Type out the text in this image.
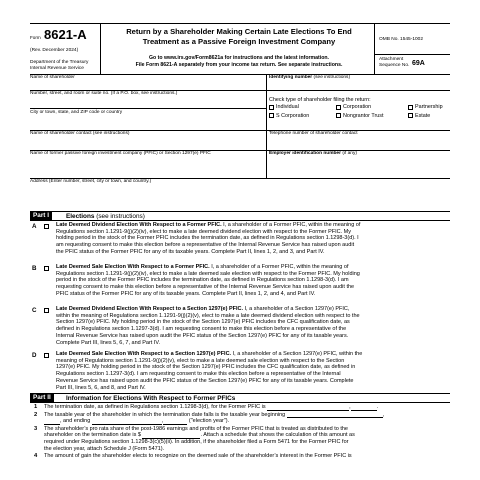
Form 8621-A
(Rev. December 2024)
Department of the Treasury
Internal Revenue Service
Return by a Shareholder Making Certain Late Elections To End
Treatment as a Passive Foreign Investment Company
Go to www.irs.gov/Form8621a for instructions and the latest information.
File Form 8621-A separately from your income tax return. See separate instructions.
OMB No. 1545-1002
Attachment
Sequence No. 69A
Name of shareholder	Identifying number (see instructions)
Number, street, and room or suite no. (If a P.O. box, see instructions.)
City or town, state, and ZIP code or country
Check type of shareholder filing the return:
Individual	Corporation	Partnership
S Corporation	Nongrantor Trust	Estate
Name of shareholder contact (see instructions)	Telephone number of shareholder contact
Name of former passive foreign investment company (PFIC) or Section 1297(e) PFIC	Employer identification number (if any)
Address (Enter number, street, city or town, and country.)
Part I	Elections (see instructions)
A	Late Deemed Dividend Election With Respect to a Former PFIC. I, a shareholder of a Former PFIC, within the meaning of
Regulations section 1.1291-9(j)(2)(iv), elect to make a late deemed dividend election with respect to the Former PFIC. My
holding period in the stock of the Former PFIC includes the termination date, as defined in Regulations section 1.1298-3(d). I
am requesting consent to make this election before a representative of the Internal Revenue Service has raised upon audit
the PFIC status of the Former PFIC for any of its taxable years. Complete Part II, lines 1, 2, and 3, and Part IV.
B	Late Deemed Sale Election With Respect to a Former PFIC. I, a shareholder of a Former PFIC, within the meaning of
Regulations section 1.1291-9(j)(2)(iv), elect to make a late deemed sale election with respect to the Former PFIC. My holding
period in the stock of the Former PFIC includes the termination date, as defined in Regulations section 1.1298-3(d). I am
requesting consent to make this election before a representative of the Internal Revenue Service has raised upon audit the
PFIC status of the Former PFIC for any of its taxable years. Complete Part II, lines 1, 2, and 4, and Part IV.
C	Late Deemed Dividend Election With Respect to a Section 1297(e) PFIC. I, a shareholder of a Section 1297(e) PFIC,
within the meaning of Regulations section 1.1291-9(j)(2)(v), elect to make a late deemed dividend election with respect to the
Section 1297(e) PFIC. My holding period in the stock of the Section 1297(e) PFIC includes the CFC qualification date, as
defined in Regulations section 1.1297-3(d). I am requesting consent to make this election before a representative of the
Internal Revenue Service has raised upon audit the PFIC status of the Section 1297(e) PFIC for any of its taxable years.
Complete Part III, lines 5, 6, 7, and Part IV.
D	Late Deemed Sale Election With Respect to a Section 1297(e) PFIC. I, a shareholder of a Section 1297(e) PFIC, within the
meaning of Regulations section 1.1291-9(j)(2)(v), elect to make a late deemed sale election with respect to the Section
1297(e) PFIC. My holding period in the stock of the Section 1297(e) PFIC includes the CFC qualification date, as defined in
Regulations section 1.1297-3(d). I am requesting consent to make this election before a representative of the Internal
Revenue Service has raised upon audit the PFIC status of the Section 1297(e) PFIC for any of its taxable years. Complete
Part III, lines 5, 6, and 8, and Part IV.
Part II	Information for Elections With Respect to Former PFICs
1 The termination date, as defined in Regulations section 1.1298-3(d), for the Former PFIC is	,	.
2 The taxable year of the shareholder in which the termination date falls is the taxable year beginning	,
, and ending	,	("election year").
3 The shareholder’s pro rata share of the post-1986 earnings and profits of the Former PFIC that is treated as distributed to the
shareholder on the termination date is $	. Attach a schedule that shows the calculation of this amount as
required under Regulations section 1.1298-3(c)(5)(ii). In addition, if the shareholder filed a Form 5471 for the Former PFIC for
the election year, attach Schedule J (Form 5471).
4 The amount of gain the shareholder elects to recognize on the deemed sale of the shareholder’s interest in the Former PFIC is
